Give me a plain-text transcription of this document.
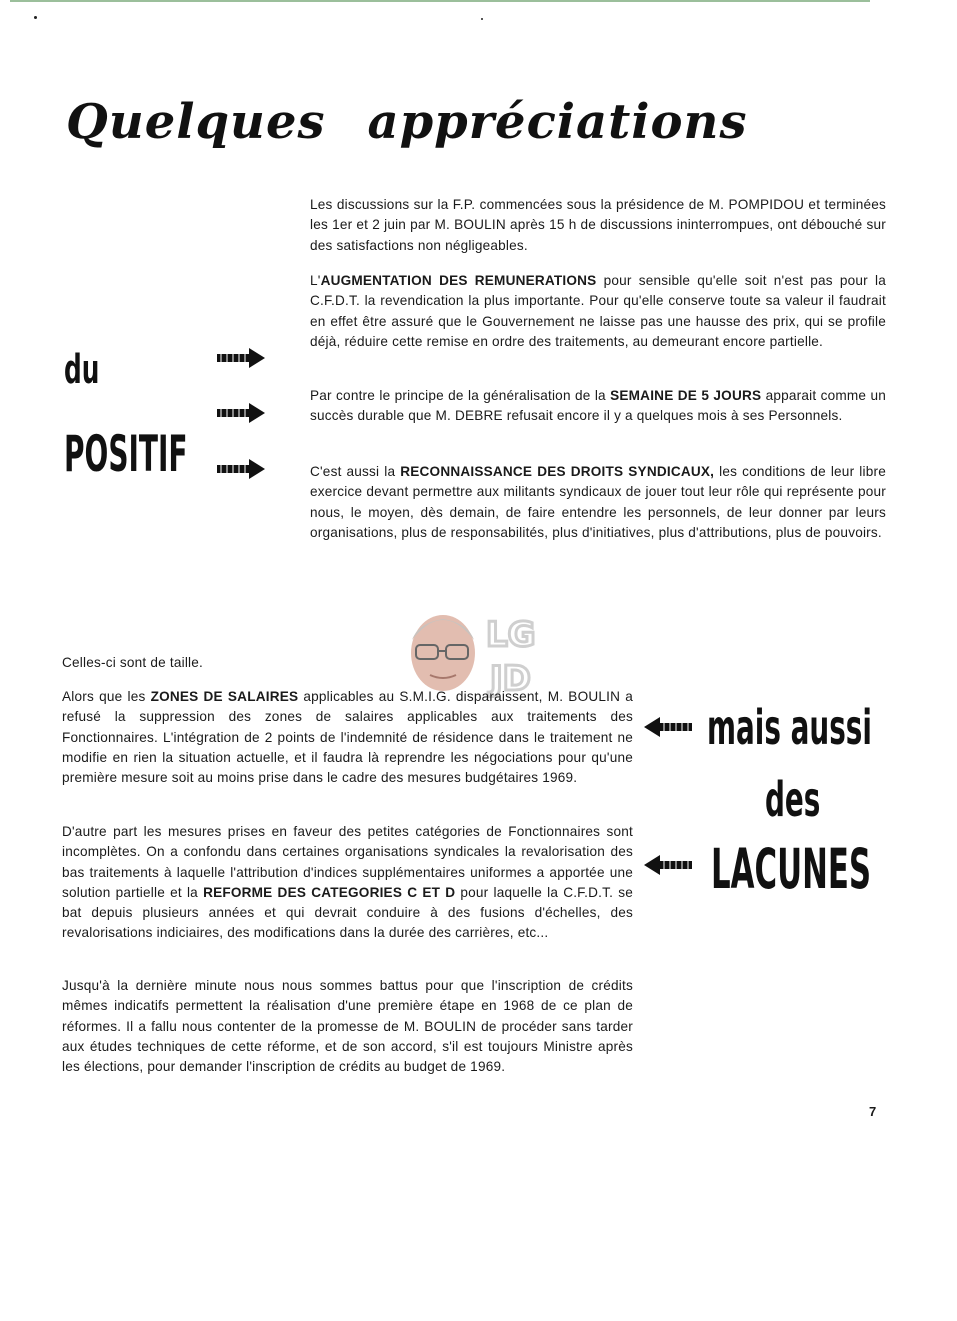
Quelques appréciations
du
POSITIF

Les discussions sur la F.P. commencées sous la présidence de M. POMPIDOU et terminées les 1er et 2 juin par M. BOULIN après 15 h de discussions ininterrompues, ont débouché sur des satisfactions non négligeables.

L'AUGMENTATION DES REMUNERATIONS pour sensible qu'elle soit n'est pas pour la C.F.D.T. la revendication la plus importante. Pour qu'elle conserve toute sa valeur il faudrait en effet être assuré que le Gouvernement ne laisse pas une hausse des prix, qui se profile déjà, réduire cette remise en ordre des traitements, au demeurant encore partielle.

Par contre le principe de la généralisation de la SEMAINE DE 5 JOURS apparait comme un succès durable que M. DEBRE refusait encore il y a quelques mois à ses Personnels.

C'est aussi la RECONNAISSANCE DES DROITS SYNDICAUX, les conditions de leur libre exercice devant permettre aux militants syndicaux de jouer tout leur rôle qui représente pour nous, le moyen, dès demain, de faire entendre les personnels, de leur donner par leurs organisations, plus de responsabilités, plus d'initiatives, plus d'attributions, plus de pouvoirs.

LG
JD

Celles-ci sont de taille.

Alors que les ZONES DE SALAIRES applicables au S.M.I.G. disparaissent, M. BOULIN a refusé la suppression des zones de salaires applicables aux traitements des Fonctionnaires. L'intégration de 2 points de l'indemnité de résidence dans le traitement ne modifie en rien la situation actuelle, et il faudra là reprendre les négociations pour qu'une première mesure soit au moins prise dans le cadre des mesures budgétaires 1969.

D'autre part les mesures prises en faveur des petites catégories de Fonctionnaires sont incomplètes. On a confondu dans certaines organisations syndicales la revalorisation des bas traitements à laquelle l'attribution d'indices supplémentaires uniformes a apportée une solution partielle et la REFORME DES CATEGORIES C ET D pour laquelle la C.F.D.T. se bat depuis plusieurs années et qui devrait conduire à des fusions d'échelles, des revalorisations indiciaires, des modifications dans la durée des carrières, etc...

Jusqu'à la dernière minute nous nous sommes battus pour que l'inscription de crédits mêmes indicatifs permettent la réalisation d'une première étape en 1968 de ce plan de réformes. Il a fallu nous contenter de la promesse de M. BOULIN de procéder sans tarder aux études techniques de cette réforme, et de son accord, s'il est toujours Ministre après les élections, pour demander l'inscription de crédits au budget de 1969.

mais aussi
des
LACUNES
7
